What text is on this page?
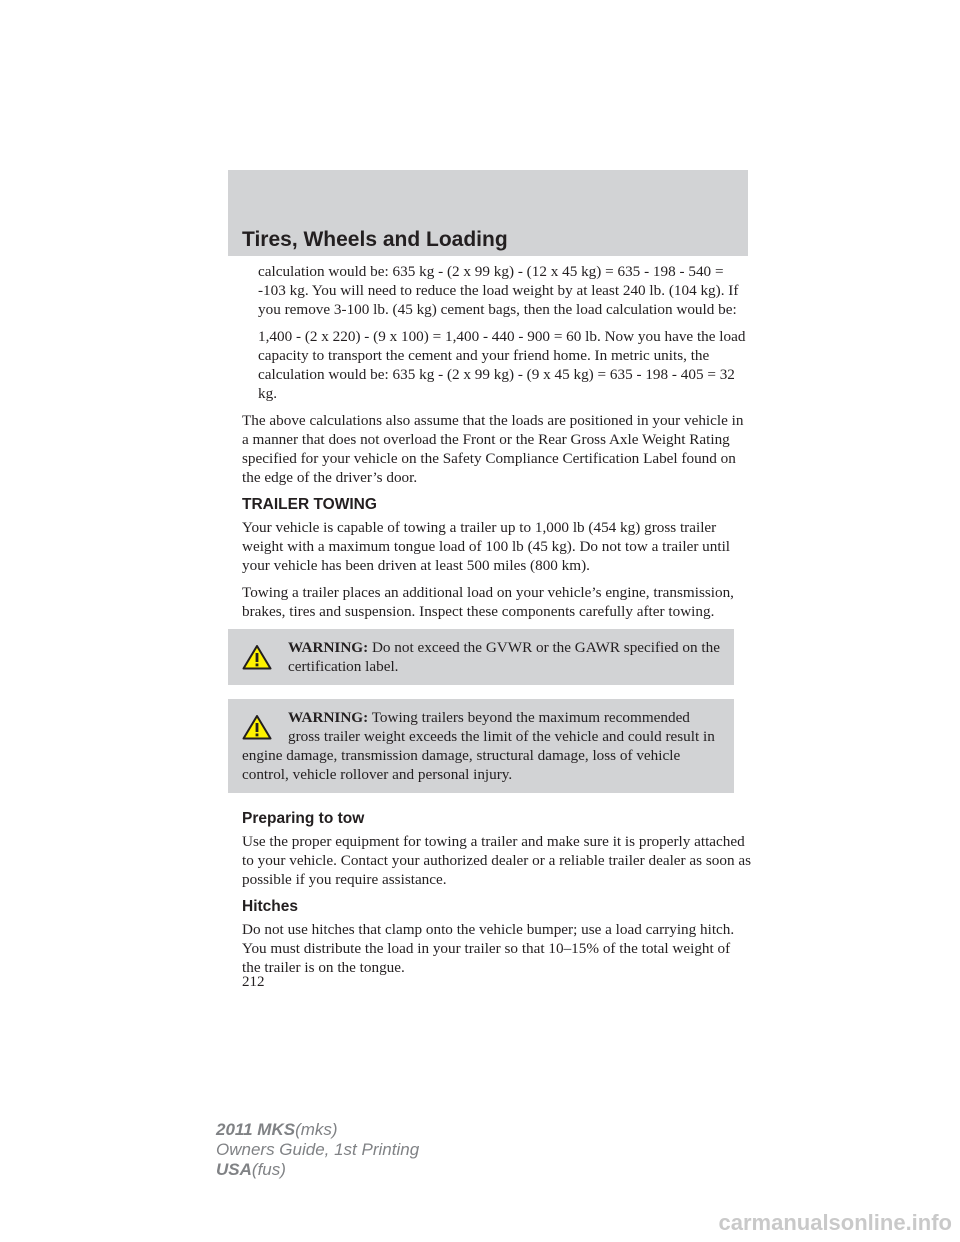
Tires, Wheels and Loading

calculation would be: 635 kg - (2 x 99 kg) - (12 x 45 kg) = 635 - 198 - 540 = -103 kg. You will need to reduce the load weight by at least 240 lb. (104 kg). If you remove 3-100 lb. (45 kg) cement bags, then the load calculation would be:

1,400 - (2 x 220) - (9 x 100) = 1,400 - 440 - 900 = 60 lb. Now you have the load capacity to transport the cement and your friend home. In metric units, the calculation would be: 635 kg - (2 x 99 kg) - (9 x 45 kg) = 635 - 198 - 405 = 32 kg.

The above calculations also assume that the loads are positioned in your vehicle in a manner that does not overload the Front or the Rear Gross Axle Weight Rating specified for your vehicle on the Safety Compliance Certification Label found on the edge of the driver’s door.

TRAILER TOWING

Your vehicle is capable of towing a trailer up to 1,000 lb (454 kg) gross trailer weight with a maximum tongue load of 100 lb (45 kg). Do not tow a trailer until your vehicle has been driven at least 500 miles (800 km).

Towing a trailer places an additional load on your vehicle’s engine, transmission, brakes, tires and suspension. Inspect these components carefully after towing.

WARNING: Do not exceed the GVWR or the GAWR specified on the certification label.
WARNING: Towing trailers beyond the maximum recommended gross trailer weight exceeds the limit of the vehicle and could result in engine damage, transmission damage, structural damage, loss of vehicle control, vehicle rollover and personal injury.
Preparing to tow

Use the proper equipment for towing a trailer and make sure it is properly attached to your vehicle. Contact your authorized dealer or a reliable trailer dealer as soon as possible if you require assistance.

Hitches

Do not use hitches that clamp onto the vehicle bumper; use a load carrying hitch. You must distribute the load in your trailer so that 10–15% of the total weight of the trailer is on the tongue.

212
2011 MKS(mks)
Owners Guide, 1st Printing
USA(fus)
carmanualsonline.info
